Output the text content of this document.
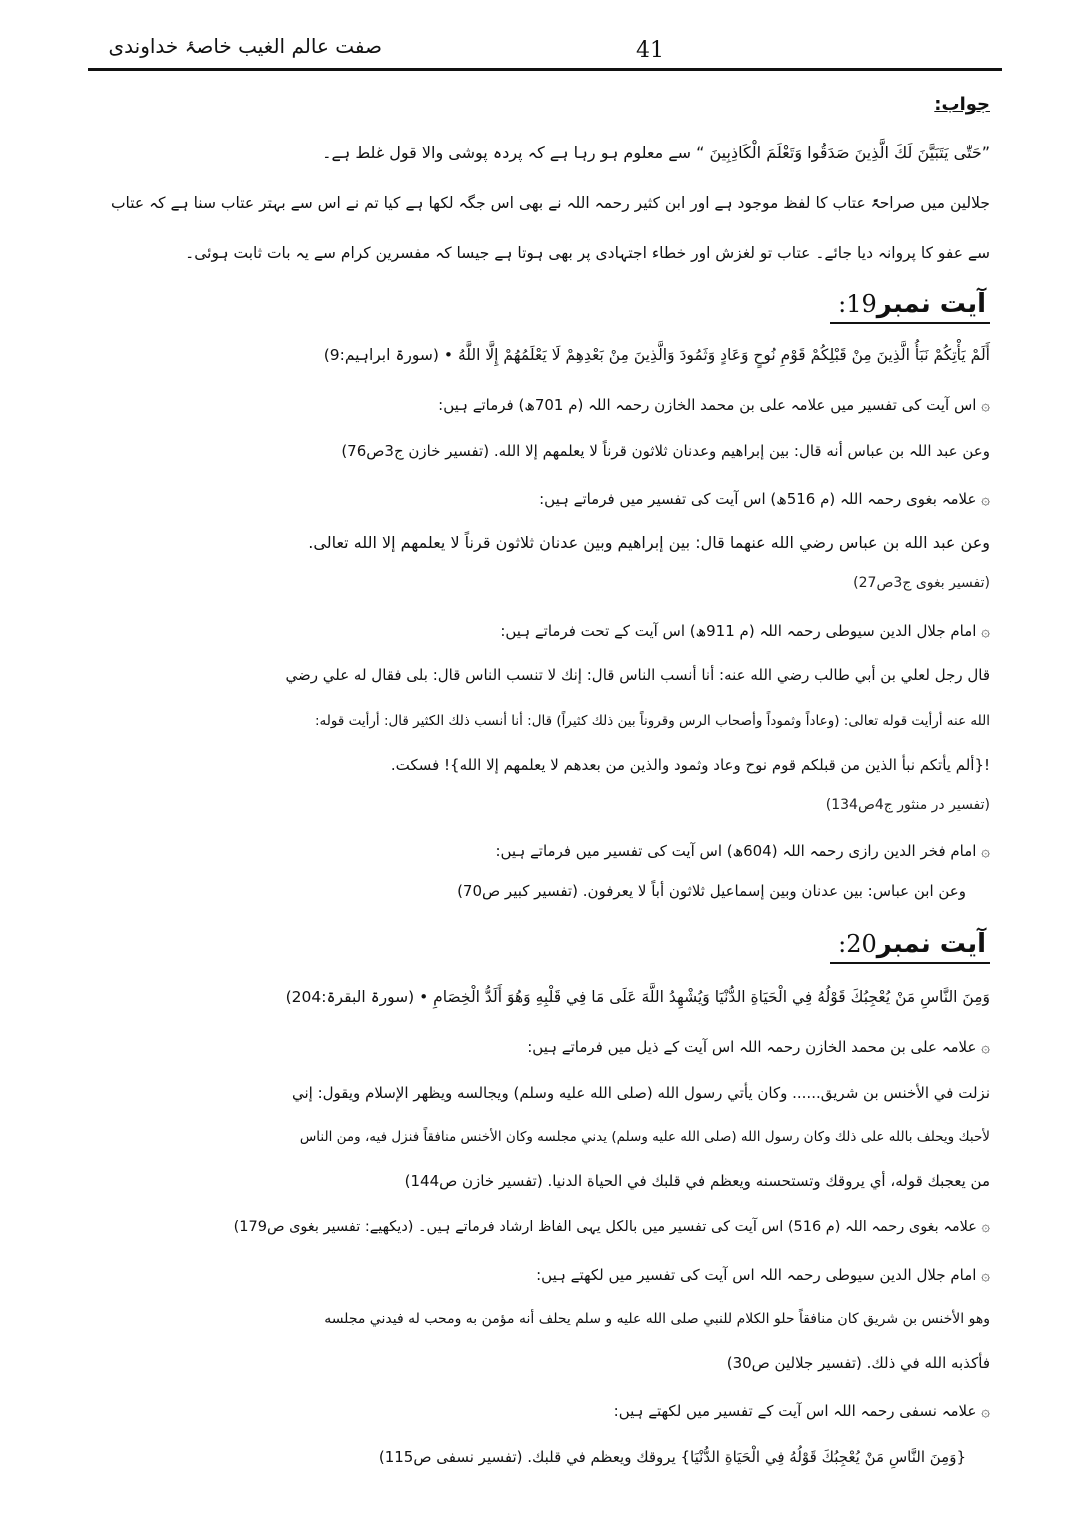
41
صفت عالم الغیب خاصۂ خداوندی
جواب:
”حَتّٰی يَتَبَيَّنَ لَكَ الَّذِينَ صَدَقُوا وَتَعْلَمَ الْكَاذِبِينَ “ سے معلوم ہو رہا ہے کہ پردہ پوشی والا قول غلط ہے۔
جلالین میں صراحۃً عتاب کا لفظ موجود ہے اور ابن کثیر رحمہ اللہ نے بھی اس جگہ لکھا ہے کیا تم نے اس سے بہتر عتاب سنا ہے کہ عتاب
سے عفو کا پروانہ دیا جائے۔ عتاب تو لغزش اور خطاء اجتہادی پر بھی ہوتا ہے جیسا کہ مفسرین کرام سے یہ بات ثابت ہوئی۔
آیت نمبر19:
أَلَمْ يَأْتِكُمْ نَبَأُ الَّذِينَ مِنْ قَبْلِكُمْ قَوْمِ نُوحٍ وَعَادٍ وَثَمُودَ وَالَّذِينَ مِنْ بَعْدِهِمْ لَا يَعْلَمُهُمْ إِلَّا اللَّهُ • (سورۃ ابراہیم:9)
۞ اس آیت کی تفسیر میں علامہ علی بن محمد الخازن رحمہ اللہ (م 701ھ) فرماتے ہیں:
وعن عبد اللہ بن عباس أنه قال: بین إبراهیم وعدنان ثلاثون قرناً لا یعلمهم إلا الله. (تفسیر خازن ج3ص76)
۞ علامہ بغوی رحمہ اللہ (م 516ھ) اس آیت کی تفسیر میں فرماتے ہیں:
وعن عبد الله بن عباس رضي الله عنهما قال: بین إبراهیم وبین عدنان ثلاثون قرناً لا یعلمهم إلا الله تعالى.
(تفسیر بغوی ج3ص27)
۞ امام جلال الدین سیوطی رحمہ اللہ (م 911ھ) اس آیت کے تحت فرماتے ہیں:
قال رجل لعلي بن أبي طالب رضي الله عنه: أنا أنسب الناس قال: إنك لا تنسب الناس قال: بلى فقال له علي رضي
الله عنه أرأيت قوله تعالى: (وعاداً وثموداً وأصحاب الرس وقروناً بين ذلك كثيراً) قال: أنا أنسب ذلك الكثير قال: أرأيت قوله:
!{ألم يأتكم نبأ الذين من قبلكم قوم نوح وعاد وثمود والذين من بعدهم لا يعلمهم إلا الله}! فسكت.
(تفسیر در منثور ج4ص134)
۞ امام فخر الدین رازی رحمہ اللہ (604ھ) اس آیت کی تفسیر میں فرماتے ہیں:
وعن ابن عباس: بين عدنان وبين إسماعيل ثلاثون أباً لا يعرفون. (تفسیر کبیر ص70)
آیت نمبر20:
وَمِنَ النَّاسِ مَنْ يُعْجِبُكَ قَوْلُهُ فِي الْحَيَاةِ الدُّنْيَا وَيُشْهِدُ اللَّهَ عَلَى مَا فِي قَلْبِهِ وَهُوَ أَلَدُّ الْخِصَامِ • (سورۃ البقرۃ:204)
۞ علامہ علی بن محمد الخازن رحمہ اللہ اس آیت کے ذیل میں فرماتے ہیں:
نزلت في الأخنس بن شريق...... وكان يأتي رسول الله (صلى الله عليه وسلم) ويجالسه ويظهر الإسلام ويقول: إني
لأحبك ويحلف بالله على ذلك وكان رسول الله (صلى الله عليه وسلم) يدني مجلسه وكان الأخنس منافقاً فنزل فيه، ومن الناس
من يعجبك قوله، أي يروقك وتستحسنه ويعظم في قلبك في الحياة الدنيا. (تفسیر خازن ص144)
۞ علامہ بغوی رحمہ اللہ (م 516) اس آیت کی تفسیر میں بالکل یہی الفاظ ارشاد فرماتے ہیں۔ (دیکھیے: تفسیر بغوی ص179)
۞ امام جلال الدین سیوطی رحمہ اللہ اس آیت کی تفسیر میں لکھتے ہیں:
وهو الأخنس بن شريق كان منافقاً حلو الكلام للنبي صلى الله عليه و سلم يحلف أنه مؤمن به ومحب له فيدني مجلسه
فأكذبه الله في ذلك. (تفسیر جلالین ص30)
۞ علامہ نسفی رحمہ اللہ اس آیت کے تفسیر میں لکھتے ہیں:
{وَمِنَ النَّاسِ مَنْ يُعْجِبُكَ قَوْلُهُ فِي الْحَيَاةِ الدُّنْيَا} يروقك ويعظم في قلبك. (تفسیر نسفی ص115)
